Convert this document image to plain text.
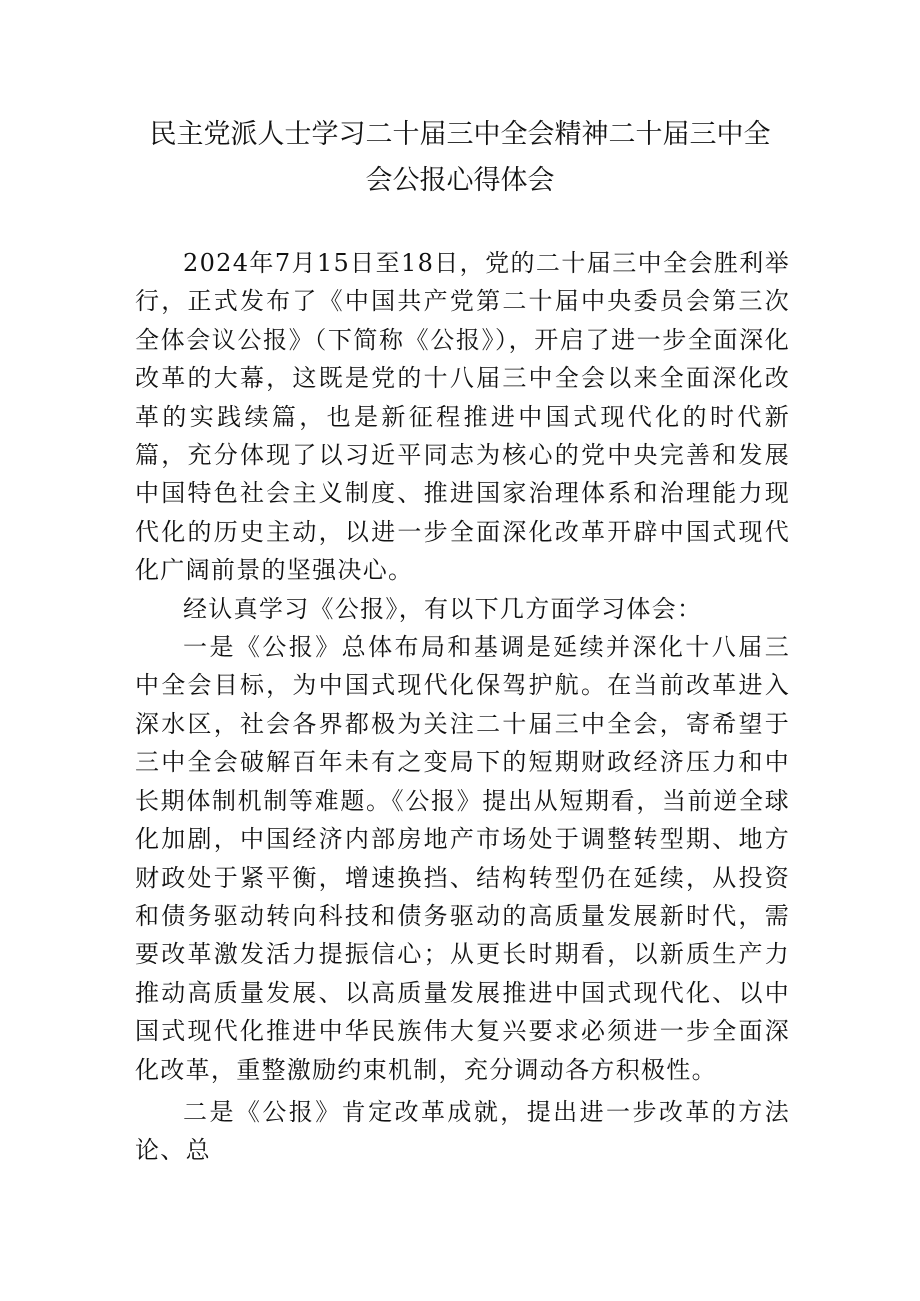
民主党派人士学习二十届三中全会精神二十届三中全
会公报心得体会

2024年7月15日至18日，党的二十届三中全会胜利举行，正式发布了《中国共产党第二十届中央委员会第三次全体会议公报》（下简称《公报》），开启了进一步全面深化改革的大幕，这既是党的十八届三中全会以来全面深化改革的实践续篇，也是新征程推进中国式现代化的时代新篇，充分体现了以习近平同志为核心的党中央完善和发展中国特色社会主义制度、推进国家治理体系和治理能力现代化的历史主动，以进一步全面深化改革开辟中国式现代化广阔前景的坚强决心。

经认真学习《公报》，有以下几方面学习体会：

一是《公报》总体布局和基调是延续并深化十八届三中全会目标，为中国式现代化保驾护航。在当前改革进入深水区，社会各界都极为关注二十届三中全会，寄希望于三中全会破解百年未有之变局下的短期财政经济压力和中长期体制机制等难题。《公报》提出从短期看，当前逆全球化加剧，中国经济内部房地产市场处于调整转型期、地方财政处于紧平衡，增速换挡、结构转型仍在延续，从投资和债务驱动转向科技和债务驱动的高质量发展新时代，需要改革激发活力提振信心；从更长时期看，以新质生产力推动高质量发展、以高质量发展推进中国式现代化、以中国式现代化推进中华民族伟大复兴要求必须进一步全面深化改革，重整激励约束机制，充分调动各方积极性。

二是《公报》肯定改革成就，提出进一步改革的方法论、总
